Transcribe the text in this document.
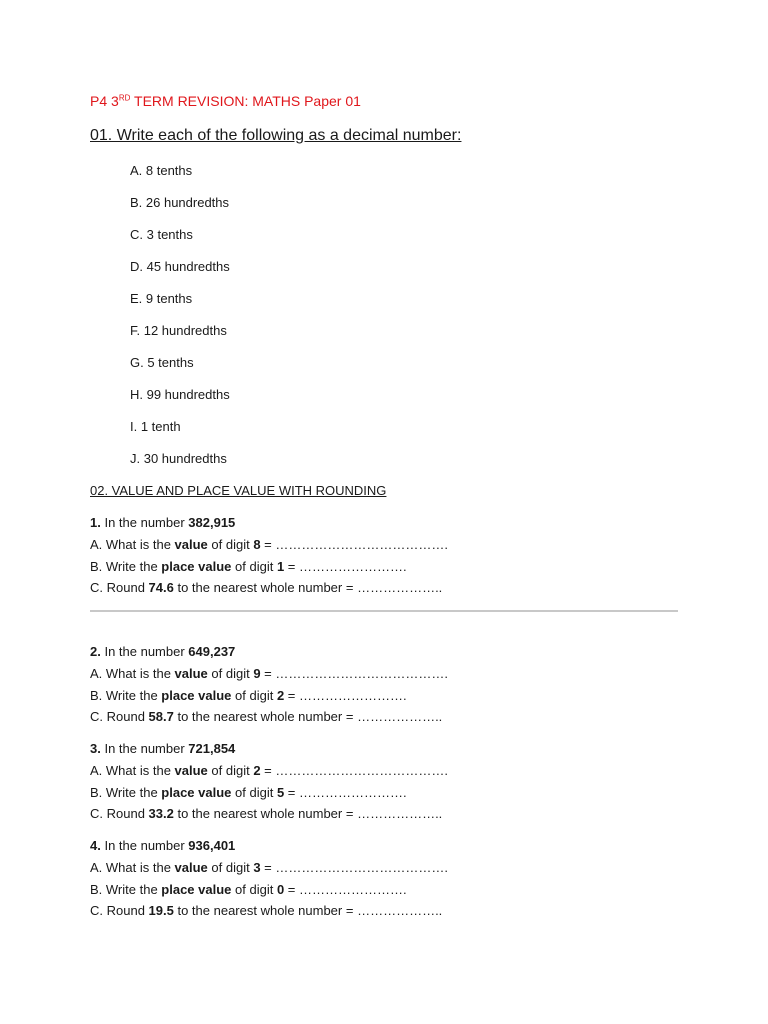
P4 3RD TERM REVISION: MATHS Paper 01
01. Write each of the following as a decimal number:
A. 8 tenths
B. 26 hundredths
C. 3 tenths
D. 45 hundredths
E. 9 tenths
F. 12 hundredths
G. 5 tenths
H. 99 hundredths
I. 1 tenth
J. 30 hundredths
02. VALUE AND PLACE VALUE WITH ROUNDING
1. In the number 382,915
A. What is the value of digit 8 = ………………………………….
B. Write the place value of digit 1 = …………………….
C. Round 74.6 to the nearest whole number = ………………..
2. In the number 649,237
A. What is the value of digit 9 = ………………………………….
B. Write the place value of digit 2 = …………………….
C. Round 58.7 to the nearest whole number = ………………..
3. In the number 721,854
A. What is the value of digit 2 = ………………………………….
B. Write the place value of digit 5 = …………………….
C. Round 33.2 to the nearest whole number = ………………..
4. In the number 936,401
A. What is the value of digit 3 = ………………………………….
B. Write the place value of digit 0 = …………………….
C. Round 19.5 to the nearest whole number = ………………..
